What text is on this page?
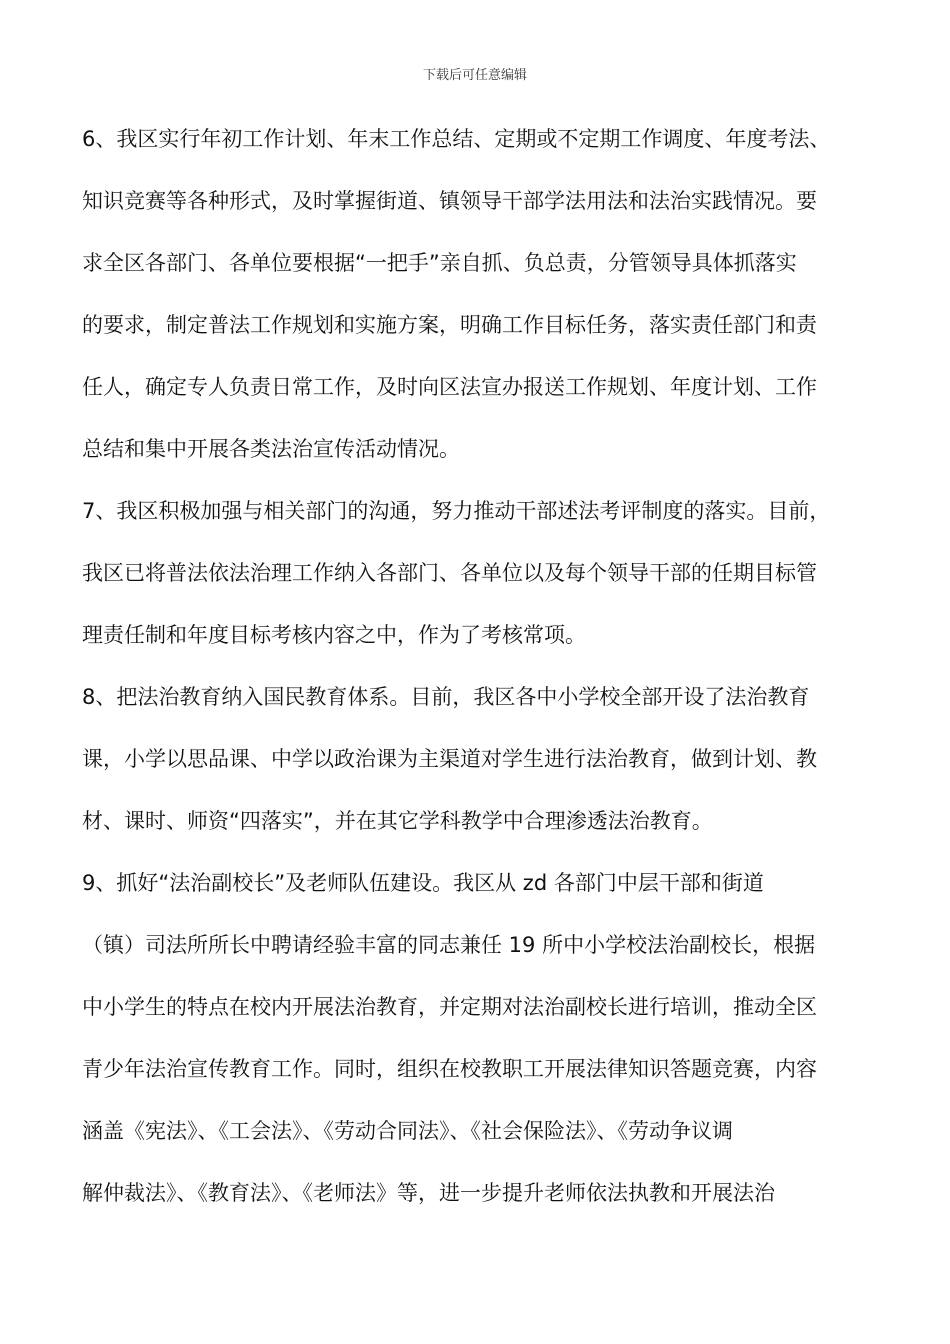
下载后可任意编辑
6、我区实行年初工作计划、年末工作总结、定期或不定期工作调度、年度考法、
知识竞赛等各种形式，及时掌握街道、镇领导干部学法用法和法治实践情况。要
求全区各部门、各单位要根据“一把手”亲自抓、负总责，分管领导具体抓落实
的要求，制定普法工作规划和实施方案，明确工作目标任务，落实责任部门和责
任人，确定专人负责日常工作，及时向区法宣办报送工作规划、年度计划、工作
总结和集中开展各类法治宣传活动情况。
7、我区积极加强与相关部门的沟通，努力推动干部述法考评制度的落实。目前，
我区已将普法依法治理工作纳入各部门、各单位以及每个领导干部的任期目标管
理责任制和年度目标考核内容之中，作为了考核常项。
8、把法治教育纳入国民教育体系。目前，我区各中小学校全部开设了法治教育
课，小学以思品课、中学以政治课为主渠道对学生进行法治教育，做到计划、教
材、课时、师资“四落实”，并在其它学科教学中合理渗透法治教育。
9、抓好“法治副校长”及老师队伍建设。我区从 zd 各部门中层干部和街道
（镇）司法所所长中聘请经验丰富的同志兼任 19 所中小学校法治副校长，根据
中小学生的特点在校内开展法治教育，并定期对法治副校长进行培训，推动全区
青少年法治宣传教育工作。同时，组织在校教职工开展法律知识答题竞赛，内容
涵盖《宪法》、《工会法》、《劳动合同法》、《社会保险法》、《劳动争议调
解仲裁法》、《教育法》、《老师法》等，进一步提升老师依法执教和开展法治
